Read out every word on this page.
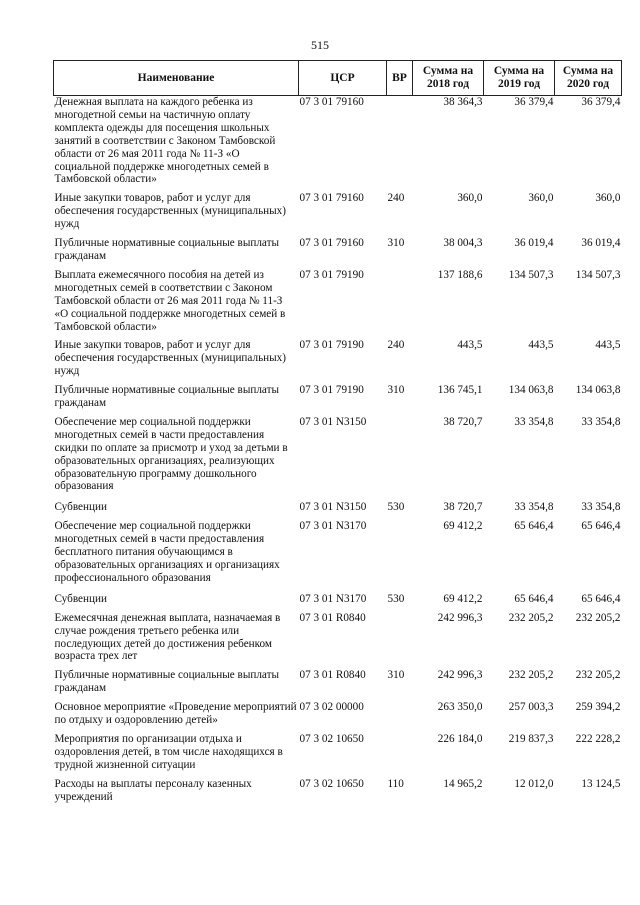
515
Наименование	ЦСР	ВР	Сумма на 2018 год	Сумма на 2019 год	Сумма на 2020 год
Денежная выплата на каждого ребенка из многодетной семьи на частичную оплату комплекта одежды для посещения школьных занятий в соответствии с Законом Тамбовской области от 26 мая 2011 года № 11-З «О социальной поддержке многодетных семей в Тамбовской области»	07 3 01 79160		38 364,3	36 379,4	36 379,4
Иные закупки товаров, работ и услуг для обеспечения государственных (муниципальных) нужд	07 3 01 79160	240	360,0	360,0	360,0
Публичные нормативные социальные выплаты гражданам	07 3 01 79160	310	38 004,3	36 019,4	36 019,4
Выплата ежемесячного пособия на детей из многодетных семей в соответствии с Законом Тамбовской области от 26 мая 2011 года № 11-З «О социальной поддержке многодетных семей в Тамбовской области»	07 3 01 79190		137 188,6	134 507,3	134 507,3
Иные закупки товаров, работ и услуг для обеспечения государственных (муниципальных) нужд	07 3 01 79190	240	443,5	443,5	443,5
Публичные нормативные социальные выплаты гражданам	07 3 01 79190	310	136 745,1	134 063,8	134 063,8
Обеспечение мер социальной поддержки многодетных семей в части предоставления скидки по оплате за присмотр и уход за детьми в образовательных организациях, реализующих образовательную программу дошкольного образования	07 3 01 N3150		38 720,7	33 354,8	33 354,8
Субвенции	07 3 01 N3150	530	38 720,7	33 354,8	33 354,8
Обеспечение мер социальной поддержки многодетных семей в части предоставления бесплатного питания обучающимся в образовательных организациях и организациях профессионального образования	07 3 01 N3170		69 412,2	65 646,4	65 646,4
Субвенции	07 3 01 N3170	530	69 412,2	65 646,4	65 646,4
Ежемесячная денежная выплата, назначаемая в случае рождения третьего ребенка или последующих детей до достижения ребенком возраста трех лет	07 3 01 R0840		242 996,3	232 205,2	232 205,2
Публичные нормативные социальные выплаты гражданам	07 3 01 R0840	310	242 996,3	232 205,2	232 205,2
Основное мероприятие «Проведение мероприятий по отдыху и оздоровлению детей»	07 3 02 00000		263 350,0	257 003,3	259 394,2
Мероприятия по организации отдыха и оздоровления детей, в том числе находящихся в трудной жизненной ситуации	07 3 02 10650		226 184,0	219 837,3	222 228,2
Расходы на выплаты персоналу казенных учреждений	07 3 02 10650	110	14 965,2	12 012,0	13 124,5
